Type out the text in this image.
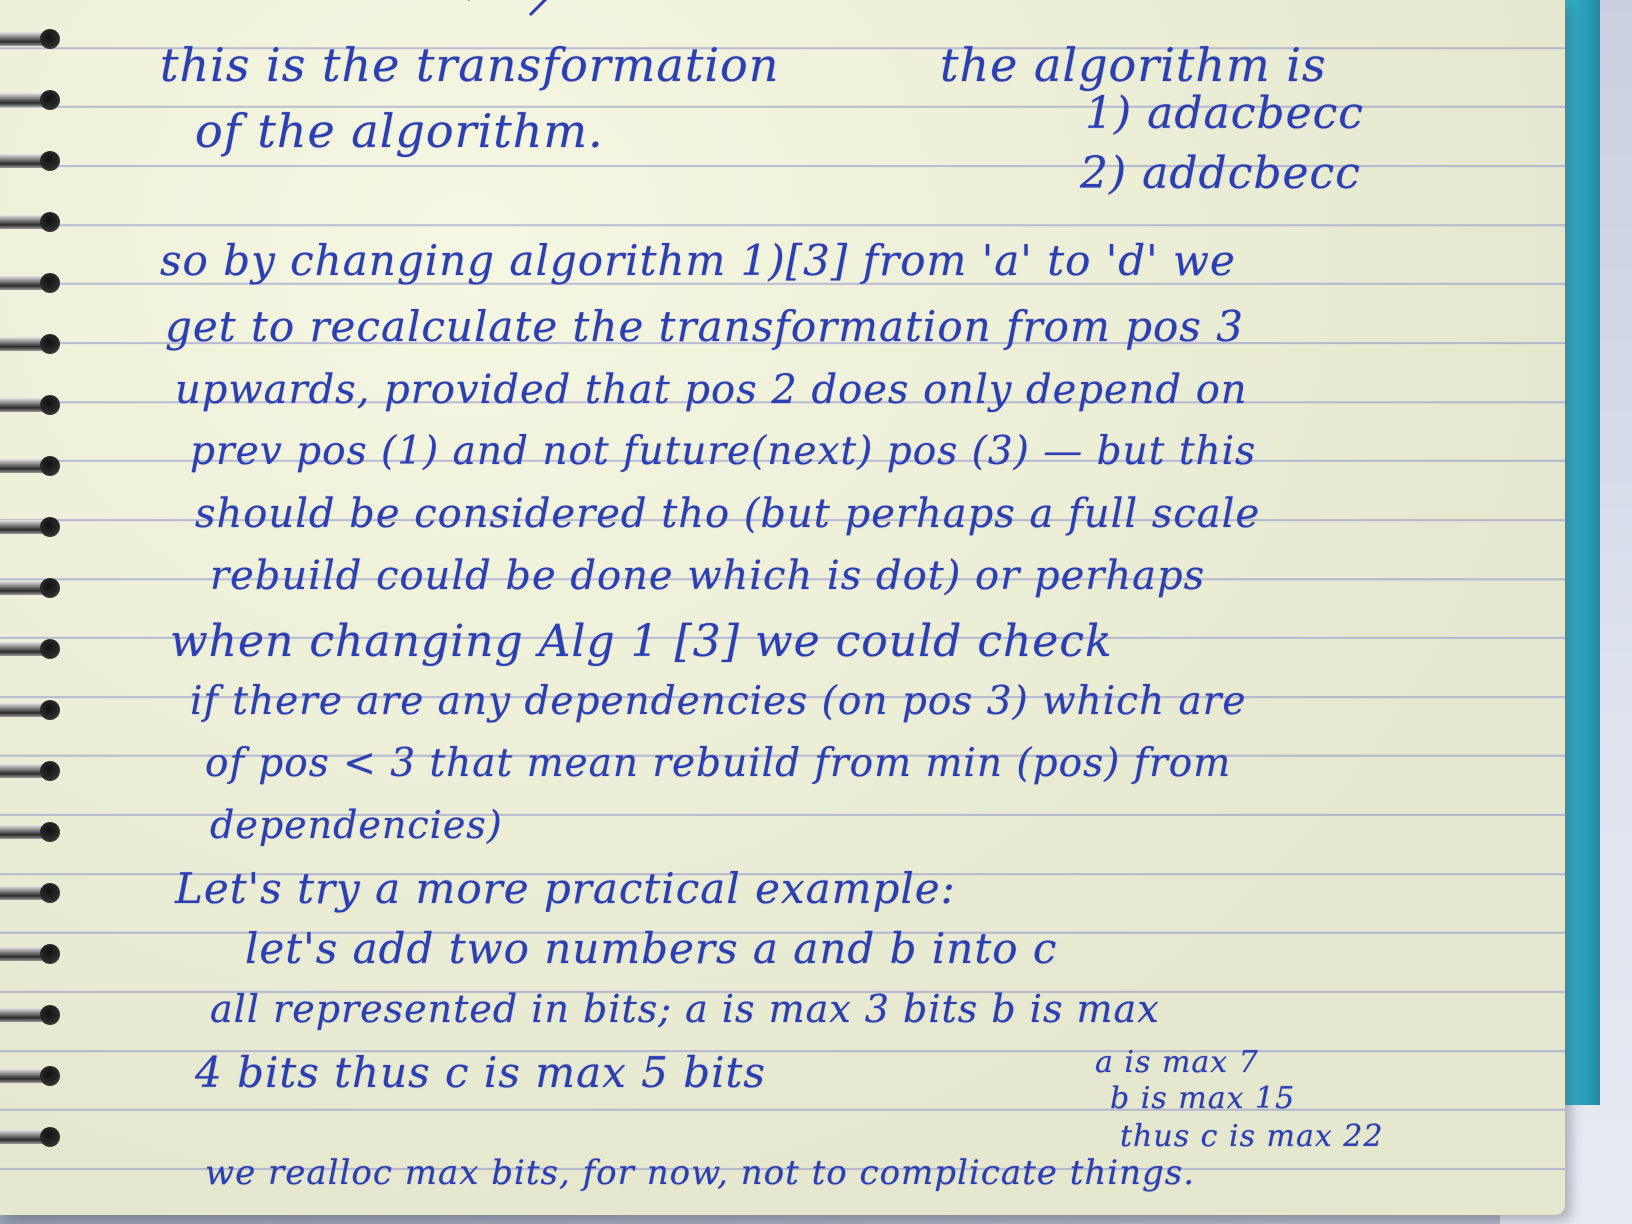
this is the transformation	the algorithm is

of the algorithm.	1) adacbecc

2) addcbecc

so by changing algorithm 1)[3] from 'a' to 'd' we

get to recalculate the transformation from pos 3

upwards, provided that pos 2 does only depend on

prev pos (1) and not future(next) pos (3) — but this

should be considered tho (but perhaps a full scale

rebuild could be done which is dot) or perhaps

when changing Alg 1 [3] we could check

if there are any dependencies (on pos 3) which are

of pos < 3 that mean rebuild from min (pos) from

dependencies)

Let's try a more practical example:

let's add two numbers a and b into c

all represented in bits; a is max 3 bits b is max

4 bits thus c is max 5 bits	a is max 7

b is max 15

thus c is max 22

we realloc max bits, for now, not to complicate things.
